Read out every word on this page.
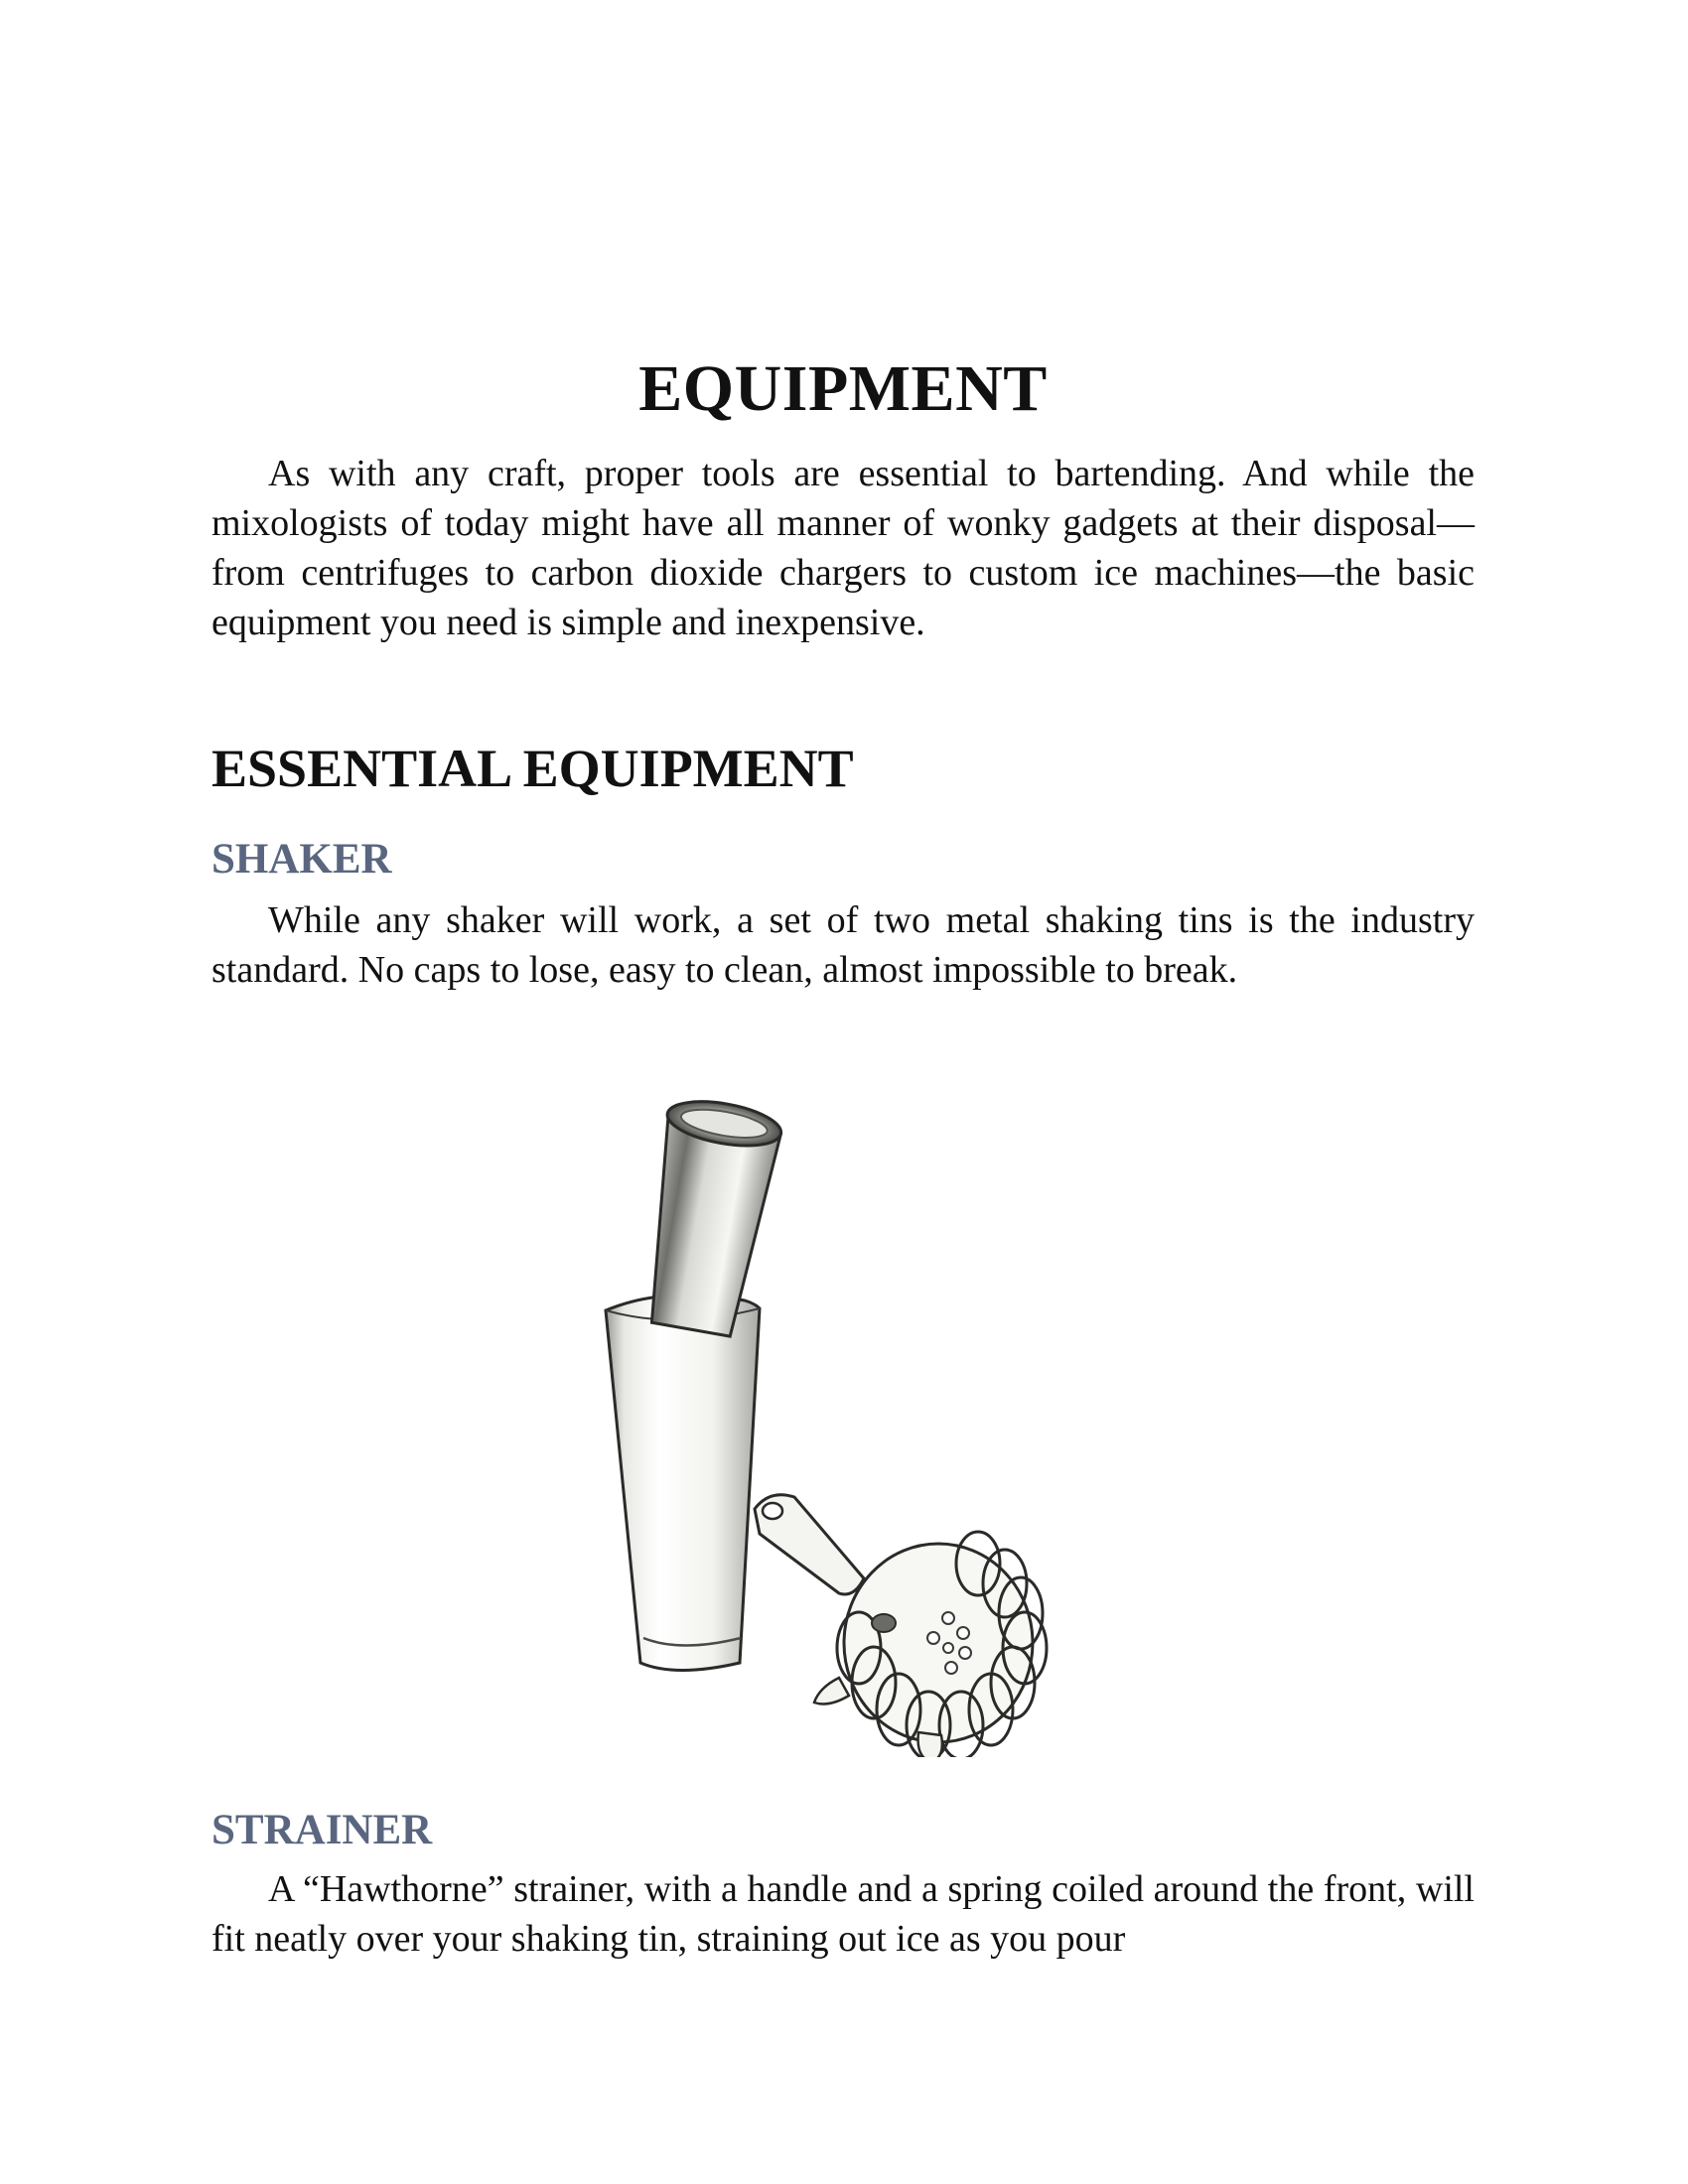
EQUIPMENT

As with any craft, proper tools are essential to bartending. And while the mixologists of today might have all manner of wonky gadgets at their disposal—from centrifuges to carbon dioxide chargers to custom ice machines—the basic equipment you need is simple and inexpensive.

ESSENTIAL EQUIPMENT
SHAKER

While any shaker will work, a set of two metal shaking tins is the industry standard. No caps to lose, easy to clean, almost impossible to break.

STRAINER

A “Hawthorne” strainer, with a handle and a spring coiled around the front, will fit neatly over your shaking tin, straining out ice as you pour
